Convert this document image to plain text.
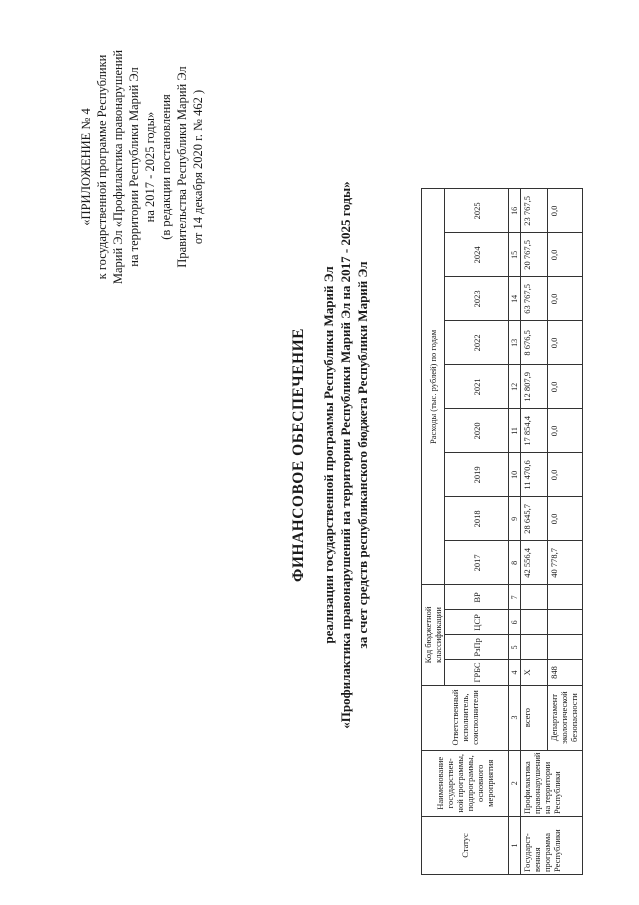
«ПРИЛОЖЕНИЕ № 4 к государственной программе Республики Марий Эл «Профилактика правонарушений на территории Республики Марий Эл на 2017 - 2025 годы» (в редакции постановления Правительства Республики Марий Эл от 14 декабря 2020 г. № 462 )
ФИНАНСОВОЕ ОБЕСПЕЧЕНИЕ реализации государственной программы Республики Марий Эл «Профилактика правонарушений на территории Республики Марий Эл на 2017 - 2025 годы» за счет средств республиканского бюджета Республики Марий Эл
Статус	Наименование государствен-ной программы, подпрограммы, основного мероприятия	Ответственный исполнитель, соисполнители	Код бюджетной классификации				Расходы (тыс. рублей) по годам								
			ГРБС	РзПр	ЦСР	ВР	2017	2018	2019	2020	2021	2022	2023	2024	2025
1	2	3	4	5	6	7	8	9	10	11	12	13	14	15	16
Государст-венная программа Республики	Профилактика правонарушений на территории Республики	всего	Х				42 556,4	28 645,7	11 470,6	17 854,4	12 807,9	8 676,5	63 767,5	20 767,5	23 767,5
		Департамент экологической безопасности	848				40 778,7	0,0	0,0	0,0	0,0	0,0	0,0	0,0	0,0
